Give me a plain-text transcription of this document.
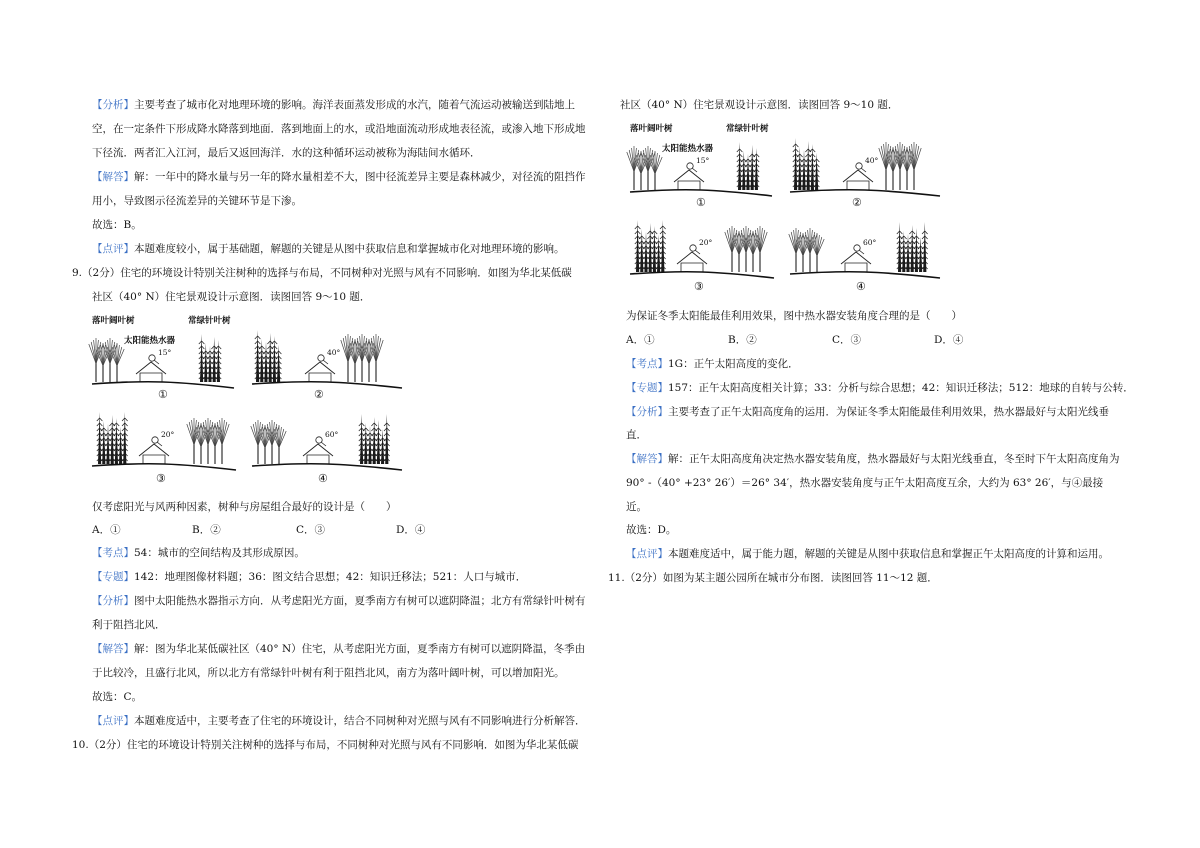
【分析】主要考查了城市化对地理环境的影响。海洋表面蒸发形成的水汽，随着气流运动被输送到陆地上
空，在一定条件下形成降水降落到地面．落到地面上的水，或沿地面流动形成地表径流，或渗入地下形成地
下径流．两者汇入江河，最后又返回海洋．水的这种循环运动被称为海陆间水循环．
【解答】解：一年中的降水量与另一年的降水量相差不大，图中径流差异主要是森林减少，对径流的阻挡作
用小，导致图示径流差异的关键环节是下渗。
故选：B。
【点评】本题难度较小，属于基础题，解题的关键是从图中获取信息和掌握城市化对地理环境的影响。
9.（2分）住宅的环境设计特别关注树种的选择与布局，不同树种对光照与风有不同影响．如图为华北某低碳
社区（40° N）住宅景观设计示意图．读图回答 9～10 题．
落叶阔叶树	常绿针叶树
太阳能热水器
15°
①
40°
②
20°
③
60°
④
仅考虑阳光与风两种因素，树种与房屋组合最好的设计是（　　）
A．①	B．②	C．③	D．④
【考点】54：城市的空间结构及其形成原因。
【专题】142：地理图像材料题；36：图文结合思想；42：知识迁移法；521：人口与城市．
【分析】图中太阳能热水器指示方向．从考虑阳光方面，夏季南方有树可以遮阴降温；北方有常绿针叶树有
利于阻挡北风．
【解答】解：图为华北某低碳社区（40° N）住宅，从考虑阳光方面，夏季南方有树可以遮阴降温，冬季由
于比较冷，且盛行北风，所以北方有常绿针叶树有利于阻挡北风，南方为落叶阔叶树，可以增加阳光。
故选：C。
【点评】本题难度适中，主要考查了住宅的环境设计，结合不同树种对光照与风有不同影响进行分析解答．
10.（2分）住宅的环境设计特别关注树种的选择与布局，不同树种对光照与风有不同影响．如图为华北某低碳
社区（40° N）住宅景观设计示意图．读图回答 9～10 题．
落叶阔叶树	常绿针叶树
太阳能热水器
15°
①
40°
②
20°
③
60°
④
为保证冬季太阳能最佳利用效果，图中热水器安装角度合理的是（　　）
A．①	B．②	C．③	D．④
【考点】1G：正午太阳高度的变化．
【专题】157：正午太阳高度相关计算；33：分析与综合思想；42：知识迁移法；512：地球的自转与公转．
【分析】主要考查了正午太阳高度角的运用．为保证冬季太阳能最佳利用效果，热水器最好与太阳光线垂
直．
【解答】解：正午太阳高度角决定热水器安装角度，热水器最好与太阳光线垂直，冬至时下午太阳高度角为
90° -（40° +23° 26′）＝26° 34′，热水器安装角度与正午太阳高度互余，大约为 63° 26′，与④最接
近。
故选：D。
【点评】本题难度适中，属于能力题，解题的关键是从图中获取信息和掌握正午太阳高度的计算和运用。
11.（2分）如图为某主题公园所在城市分布图．读图回答 11～12 题．
